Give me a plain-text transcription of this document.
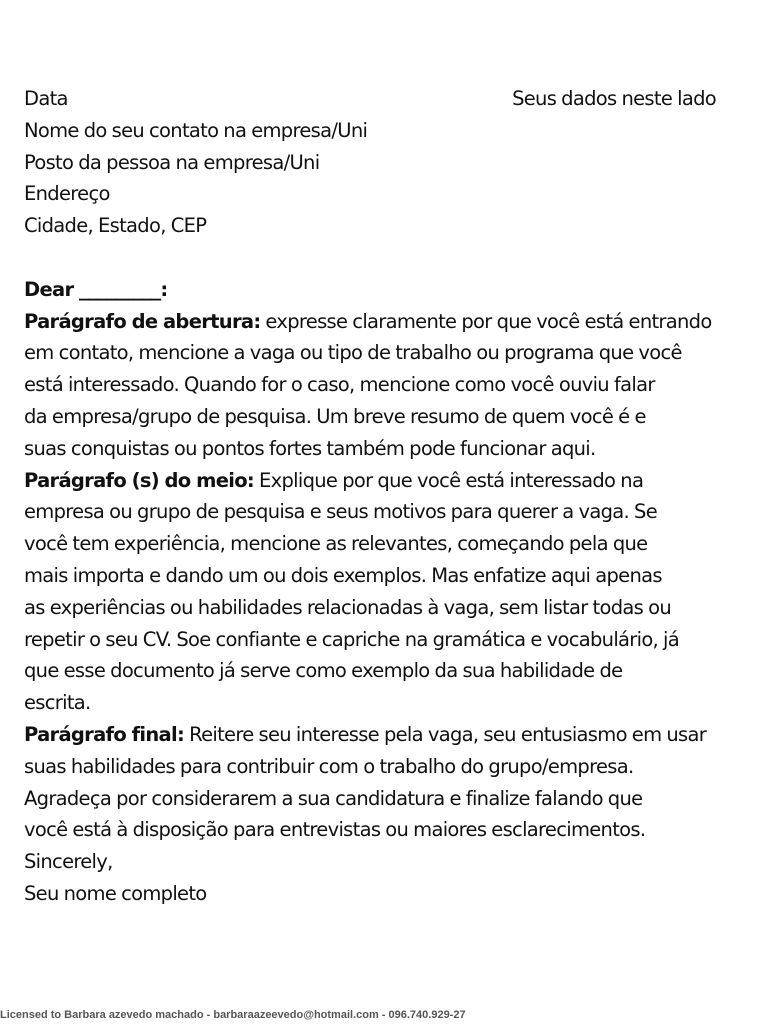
Data	Seus dados neste lado
Nome do seu contato na empresa/Uni
Posto da pessoa na empresa/Uni
Endereço
Cidade, Estado, CEP
Dear _________:
Parágrafo de abertura: expresse claramente por que você está entrando
em contato, mencione a vaga ou tipo de trabalho ou programa que você
está interessado. Quando for o caso, mencione como você ouviu falar
da empresa/grupo de pesquisa. Um breve resumo de quem você é e
suas conquistas ou pontos fortes também pode funcionar aqui.
Parágrafo (s) do meio: Explique por que você está interessado na
empresa ou grupo de pesquisa e seus motivos para querer a vaga. Se
você tem experiência, mencione as relevantes, começando pela que
mais importa e dando um ou dois exemplos. Mas enfatize aqui apenas
as experiências ou habilidades relacionadas à vaga, sem listar todas ou
repetir o seu CV. Soe confiante e capriche na gramática e vocabulário, já
que esse documento já serve como exemplo da sua habilidade de
escrita.
Parágrafo final: Reitere seu interesse pela vaga, seu entusiasmo em usar
suas habilidades para contribuir com o trabalho do grupo/empresa.
Agradeça por considerarem a sua candidatura e finalize falando que
você está à disposição para entrevistas ou maiores esclarecimentos.
Sincerely,
Seu nome completo
Licensed to Barbara azevedo machado - barbaraazeevedo@hotmail.com - 096.740.929-27
